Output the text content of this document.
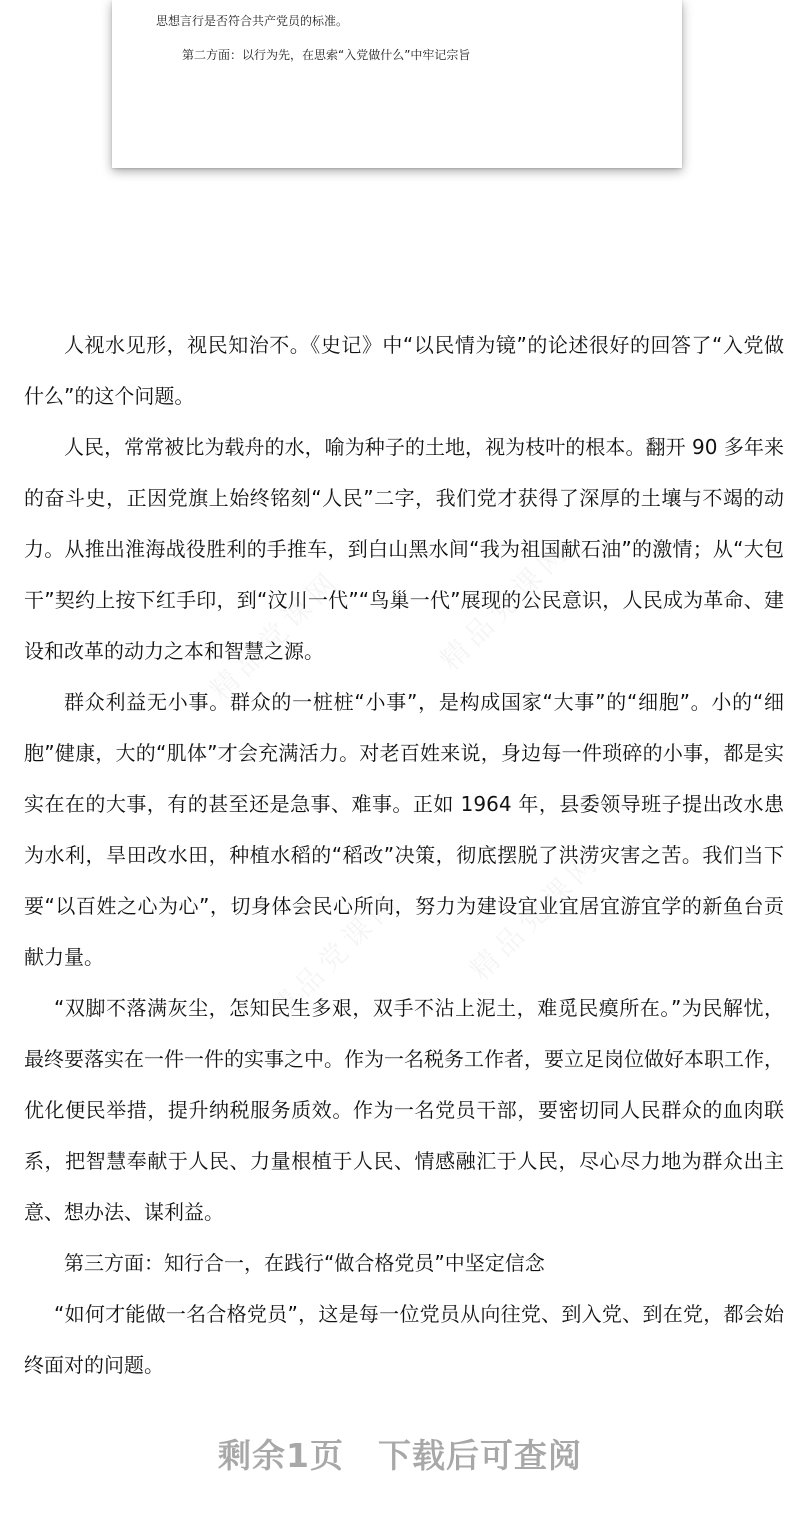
思想言行是否符合共产党员的标准。
第二方面：以行为先，在思索“入党做什么”中牢记宗旨

人视水见形，视民知治不。《史记》中“以民情为镜”的论述很好的回答了“入党做什么”的这个问题。

人民，常常被比为载舟的水，喻为种子的土地，视为枝叶的根本。翻开 90 多年来的奋斗史，正因党旗上始终铭刻“人民”二字，我们党才获得了深厚的土壤与不竭的动力。从推出淮海战役胜利的手推车，到白山黑水间“我为祖国献石油”的激情；从“大包干”契约上按下红手印，到“汶川一代”“鸟巢一代”展现的公民意识，人民成为革命、建设和改革的动力之本和智慧之源。

群众利益无小事。群众的一桩桩“小事”，是构成国家“大事”的“细胞”。小的“细胞”健康，大的“肌体”才会充满活力。对老百姓来说，身边每一件琐碎的小事，都是实实在在的大事，有的甚至还是急事、难事。正如 1964 年，县委领导班子提出改水患为水利，旱田改水田，种植水稻的“稻改”决策，彻底摆脱了洪涝灾害之苦。我们当下要“以百姓之心为心”，切身体会民心所向，努力为建设宜业宜居宜游宜学的新鱼台贡献力量。

“双脚不落满灰尘，怎知民生多艰，双手不沾上泥土，难觅民瘼所在。”为民解忧，最终要落实在一件一件的实事之中。作为一名税务工作者，要立足岗位做好本职工作，优化便民举措，提升纳税服务质效。作为一名党员干部，要密切同人民群众的血肉联系，把智慧奉献于人民、力量根植于人民、情感融汇于人民，尽心尽力地为群众出主意、想办法、谋利益。

第三方面：知行合一，在践行“做合格党员”中坚定信念

“如何才能做一名合格党员”，这是每一位党员从向往党、到入党、到在党，都会始终面对的问题。

剩余1页 下载后可查阅
